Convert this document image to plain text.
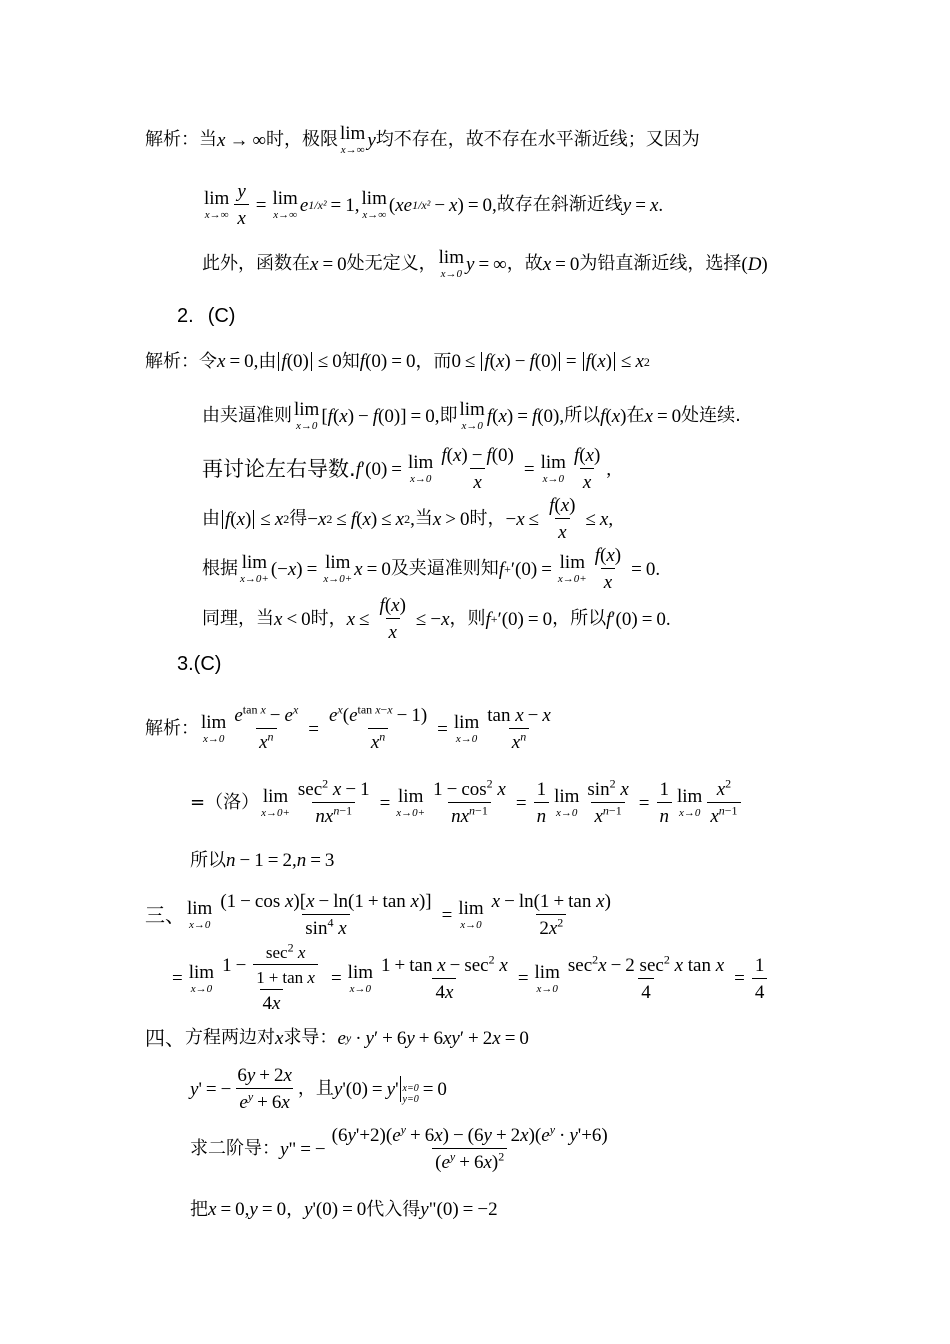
解析： 当 x → ∞ 时，极限 lim
x→∞ y 均不存在，故不存在水平渐近线；又因为
lim
$x\to\infty \frac{y}{x} = \lim$
x→∞ e 1/x² = 1, lim
x→∞ ( xe 1/x² − x ) = 0, 故存在斜渐近线 y = x .
此外，函数在 x = 0 处无定义， lim
x→0 y = ∞ ，故 x = 0 为铅直渐近线，选择 ( D )
2. (C)
解析： 令 x = 0, 由 f(0) ≤ 0 知 f (0) = 0 ，而 0 ≤ f(x) − f(0) = f(x) ≤ x 2
由夹逼准则 lim
x→0 [ f ( x ) − f (0) ] = 0, 即 lim
x→0 f ( x ) = f (0), 所以 f ( x ) 在 x = 0 处连续.
再讨论左右导数. f ′(0) = lim
$x\to 0 \frac{f(x) - f(0)}{x} = \lim$
$x\to 0 \frac{f(x)}{x}$ ,
由 f(x) ≤ x 2 得 − x 2 ≤ f ( x ) ≤ x 2 , 当 x > 0 时， − $x \le \frac{f(x)}{x} \le x$ ,
根据 lim
x→0+ (− x ) = lim
x→0+ x = 0 及夹逼准则知 f + ′(0) = lim
$x\to 0+ \frac{f(x)}{x} = 0$.
同理，当 x < 0 时， $x \le \frac{f(x)}{x}$ ≤ − x ，则 f + ′(0) = 0 ，所以 f ′(0) = 0.
3.(C)
解析： lim
$x\to 0 \frac{e^{tan x} - e^x}{x^n} = \frac{e^x(e^{tan x-x} - 1)}{x^n} = \lim$
$x\to 0 \frac{\text{tan x − x}}{x^n}$
=（洛） lim
$x\to 0+ \frac{\sec^2 x - 1}{nx^{n-1}} = \lim$
$x\to 0+ \frac{1 - \cos^2 x}{nx^{n-1}} = \frac{1}{n}$ lim
$x\to 0 \frac{\sin^2 x}{x^{n-1}} = \frac{1}{n}$ lim
$x\to 0 \frac{x^2}{x^{n-1}}$
所以 n − 1 = 2, n = 3
三、 lim
$x\to 0 \frac{\text{(1 − cos x)[x − ln(1 + tan x)]}}{\sin^4 x} = \lim$
$x\to 0 \frac{\text{x − ln(1 + tan x)}}{2x^2}$
= lim
$x\to 0 \frac{1 - \frac{\sec^2 x}{\text{1 + tan x}}}{4x} = \lim$
$x\to 0 \frac{1 + \tan x - \sec^2 x}{4x} = \lim$
$x\to 0 \frac{\sec^2x - 2 \sec^2 x \tan x}{4} = \frac{1}{4}$
四、 方程两边对 x 求导： e y · y ′ + 6 y + 6 xy ′ + 2 x = 0
y ' = − $\frac{6y + 2x}{e^y + 6x}$ ，且 y '(0) = y ' x=0
y=0 = 0
求二阶导： y " = − $\frac{(6y'+2)(e^y + 6x) - (6y + 2x)(e^y \cdot y'+6)}{(e^y + 6x)^2}$
把 x = 0, y = 0 ， y '(0) = 0 代入得 y "(0) = −2
